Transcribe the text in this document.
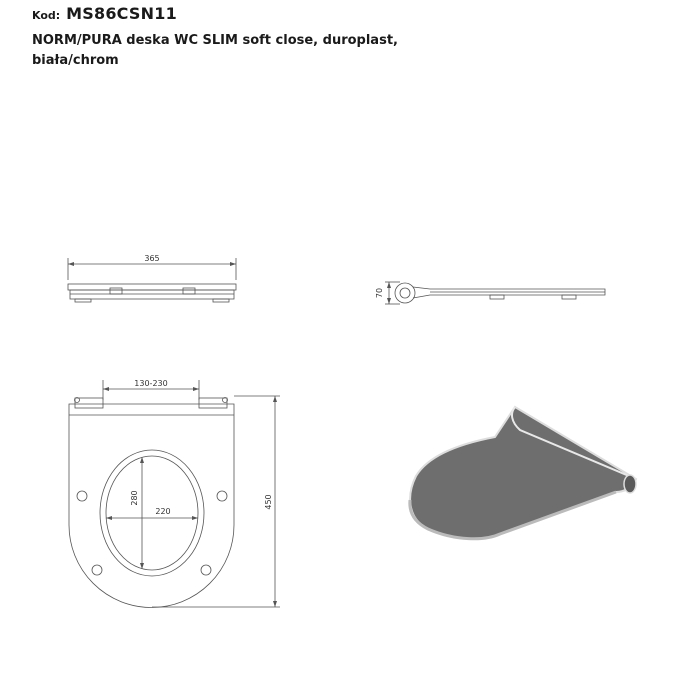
Kod: MS86CSN11
NORM/PURA deska WC SLIM soft close, duroplast,
biała/chrom
365
70
130-230
280
220
450
